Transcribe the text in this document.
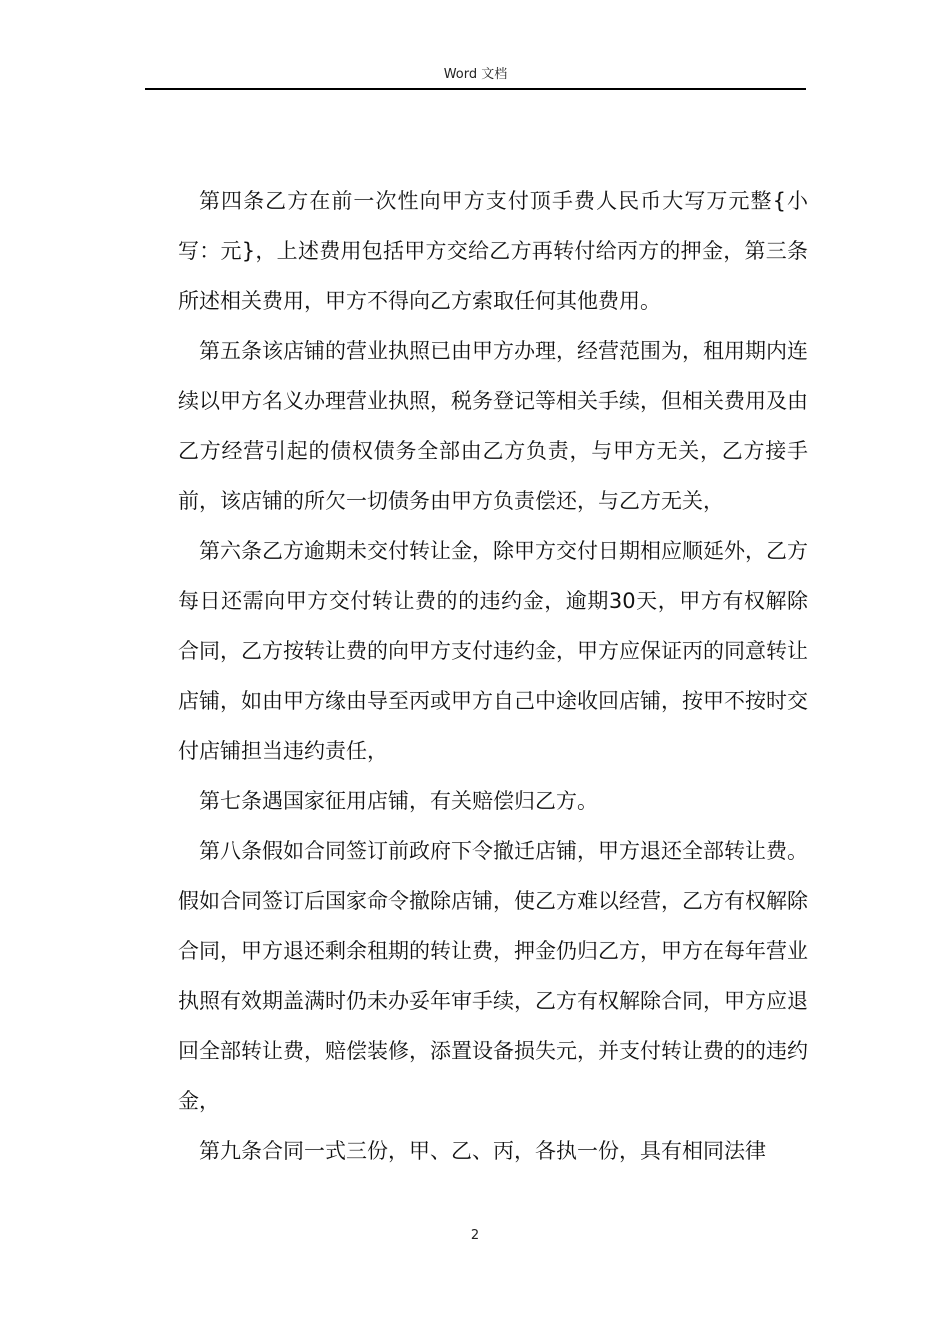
Word 文档

第四条乙方在前一次性向甲方支付顶手费人民币大写万元整{小写：元}，上述费用包括甲方交给乙方再转付给丙方的押金，第三条所述相关费用，甲方不得向乙方索取任何其他费用。

第五条该店铺的营业执照已由甲方办理，经营范围为，租用期内连续以甲方名义办理营业执照，税务登记等相关手续，但相关费用及由乙方经营引起的债权债务全部由乙方负责，与甲方无关，乙方接手前，该店铺的所欠一切债务由甲方负责偿还，与乙方无关，

第六条乙方逾期未交付转让金，除甲方交付日期相应顺延外，乙方每日还需向甲方交付转让费的的违约金，逾期30天，甲方有权解除合同，乙方按转让费的向甲方支付违约金，甲方应保证丙的同意转让店铺，如由甲方缘由导至丙或甲方自己中途收回店铺，按甲不按时交付店铺担当违约责任，

第七条遇国家征用店铺，有关赔偿归乙方。

第八条假如合同签订前政府下令撤迁店铺，甲方退还全部转让费。假如合同签订后国家命令撤除店铺，使乙方难以经营，乙方有权解除合同，甲方退还剩余租期的转让费，押金仍归乙方，甲方在每年营业执照有效期盖满时仍未办妥年审手续，乙方有权解除合同，甲方应退回全部转让费，赔偿装修，添置设备损失元，并支付转让费的的违约金，

第九条合同一式三份，甲、乙、丙，各执一份，具有相同法律

2
